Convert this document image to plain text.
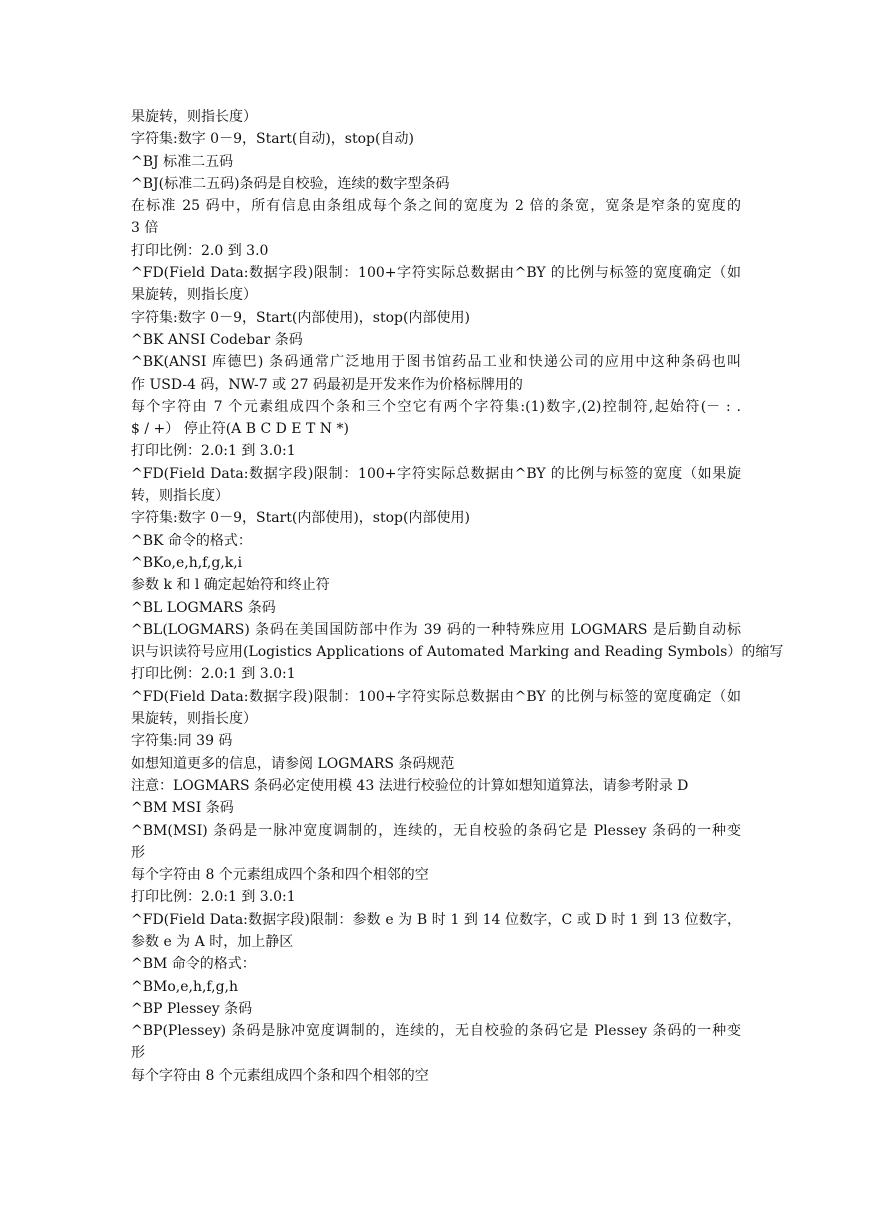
果旋转，则指长度）
字符集:数字 0－9，Start(自动)，stop(自动)
^BJ 标准二五码
^BJ(标准二五码)条码是自校验，连续的数字型条码
在标准 25 码中，所有信息由条组成每个条之间的宽度为 2 倍的条宽，宽条是窄条的宽度的
3 倍
打印比例：2.0 到 3.0
^FD(Field Data:数据字段)限制：100+字符实际总数据由^BY 的比例与标签的宽度确定（如
果旋转，则指长度）
字符集:数字 0－9，Start(内部使用)，stop(内部使用)
^BK ANSI Codebar 条码
^BK(ANSI 库德巴) 条码通常广泛地用于图书馆药品工业和快递公司的应用中这种条码也叫
作 USD-4 码，NW-7 或 27 码最初是开发来作为价格标牌用的
每个字符由 7 个元素组成四个条和三个空它有两个字符集:(1)数字,(2)控制符,起始符(－ : .
$ / +） 停止符(A B C D E T N *)
打印比例：2.0:1 到 3.0:1
^FD(Field Data:数据字段)限制：100+字符实际总数据由^BY 的比例与标签的宽度（如果旋
转，则指长度）
字符集:数字 0－9，Start(内部使用)，stop(内部使用)
^BK 命令的格式：
^BKo,e,h,f,g,k,i
参数 k 和 l 确定起始符和终止符
^BL LOGMARS 条码
^BL(LOGMARS) 条码在美国国防部中作为 39 码的一种特殊应用 LOGMARS 是后勤自动标
识与识读符号应用(Logistics Applications of Automated Marking and Reading Symbols）的缩写
打印比例：2.0:1 到 3.0:1
^FD(Field Data:数据字段)限制：100+字符实际总数据由^BY 的比例与标签的宽度确定（如
果旋转，则指长度）
字符集:同 39 码
如想知道更多的信息，请参阅 LOGMARS 条码规范
注意：LOGMARS 条码必定使用模 43 法进行校验位的计算如想知道算法，请参考附录 D
^BM MSI 条码
^BM(MSI) 条码是一脉冲宽度调制的，连续的，无自校验的条码它是 Plessey 条码的一种变
形
每个字符由 8 个元素组成四个条和四个相邻的空
打印比例：2.0:1 到 3.0:1
^FD(Field Data:数据字段)限制：参数 e 为 B 时 1 到 14 位数字，C 或 D 时 1 到 13 位数字，
参数 e 为 A 时，加上静区
^BM 命令的格式：
^BMo,e,h,f,g,h
^BP Plessey 条码
^BP(Plessey) 条码是脉冲宽度调制的，连续的，无自校验的条码它是 Plessey 条码的一种变
形
每个字符由 8 个元素组成四个条和四个相邻的空
